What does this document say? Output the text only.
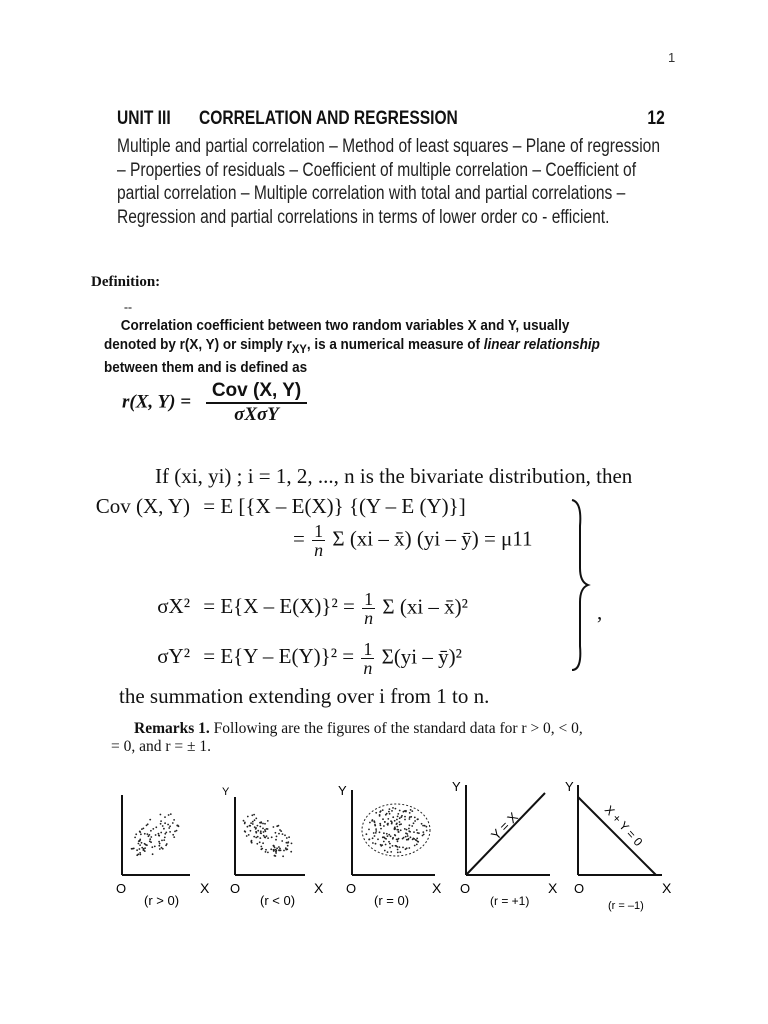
1
UNIT III	CORRELATION AND REGRESSION	12
Multiple and partial correlation – Method of least squares – Plane of regression – Properties of residuals – Coefficient of multiple correlation – Coefficient of partial correlation – Multiple correlation with total and partial correlations – Regression and partial correlations in terms of lower order co - efficient.
Definition:
--
Correlation coefficient between two random variables X and Y, usually
denoted by r(X, Y) or simply $r_{XY}$, is a numerical measure of linear relationship
between them and is defined as
r(X, $Y) = \frac{\text{Cov (X, Y)}}{\text{σXσY}}$
If (xi, yi) ; i = 1, 2, ..., n is the bivariate distribution, then
Cov (X, Y) = E [{X – E(X)} {(Y – E (Y)}]
= $\frac{1}{n}$ Σ (xi – x̄) (yi – ȳ) = μ11
$\sigma X^2 = E\{X - E(X)\}^2 = \frac{1}{n}$ Σ (xi – x̄)²
$\sigma Y^2 = E\{Y - E(Y)\}^2 = \frac{1}{n} \Sigma(yi$ – ȳ)²
,
the summation extending over i from 1 to n.
Remarks 1. Following are the figures of the standard data for r > 0, < 0,
= 0, and r = ± 1.
O	X
(r > 0)
Y
O	X
(r < 0)
Y
O	X
(r = 0)
Y
Y = X
O	X
(r = +1)
Y
X + Y = 0
O	X
(r = –1)
